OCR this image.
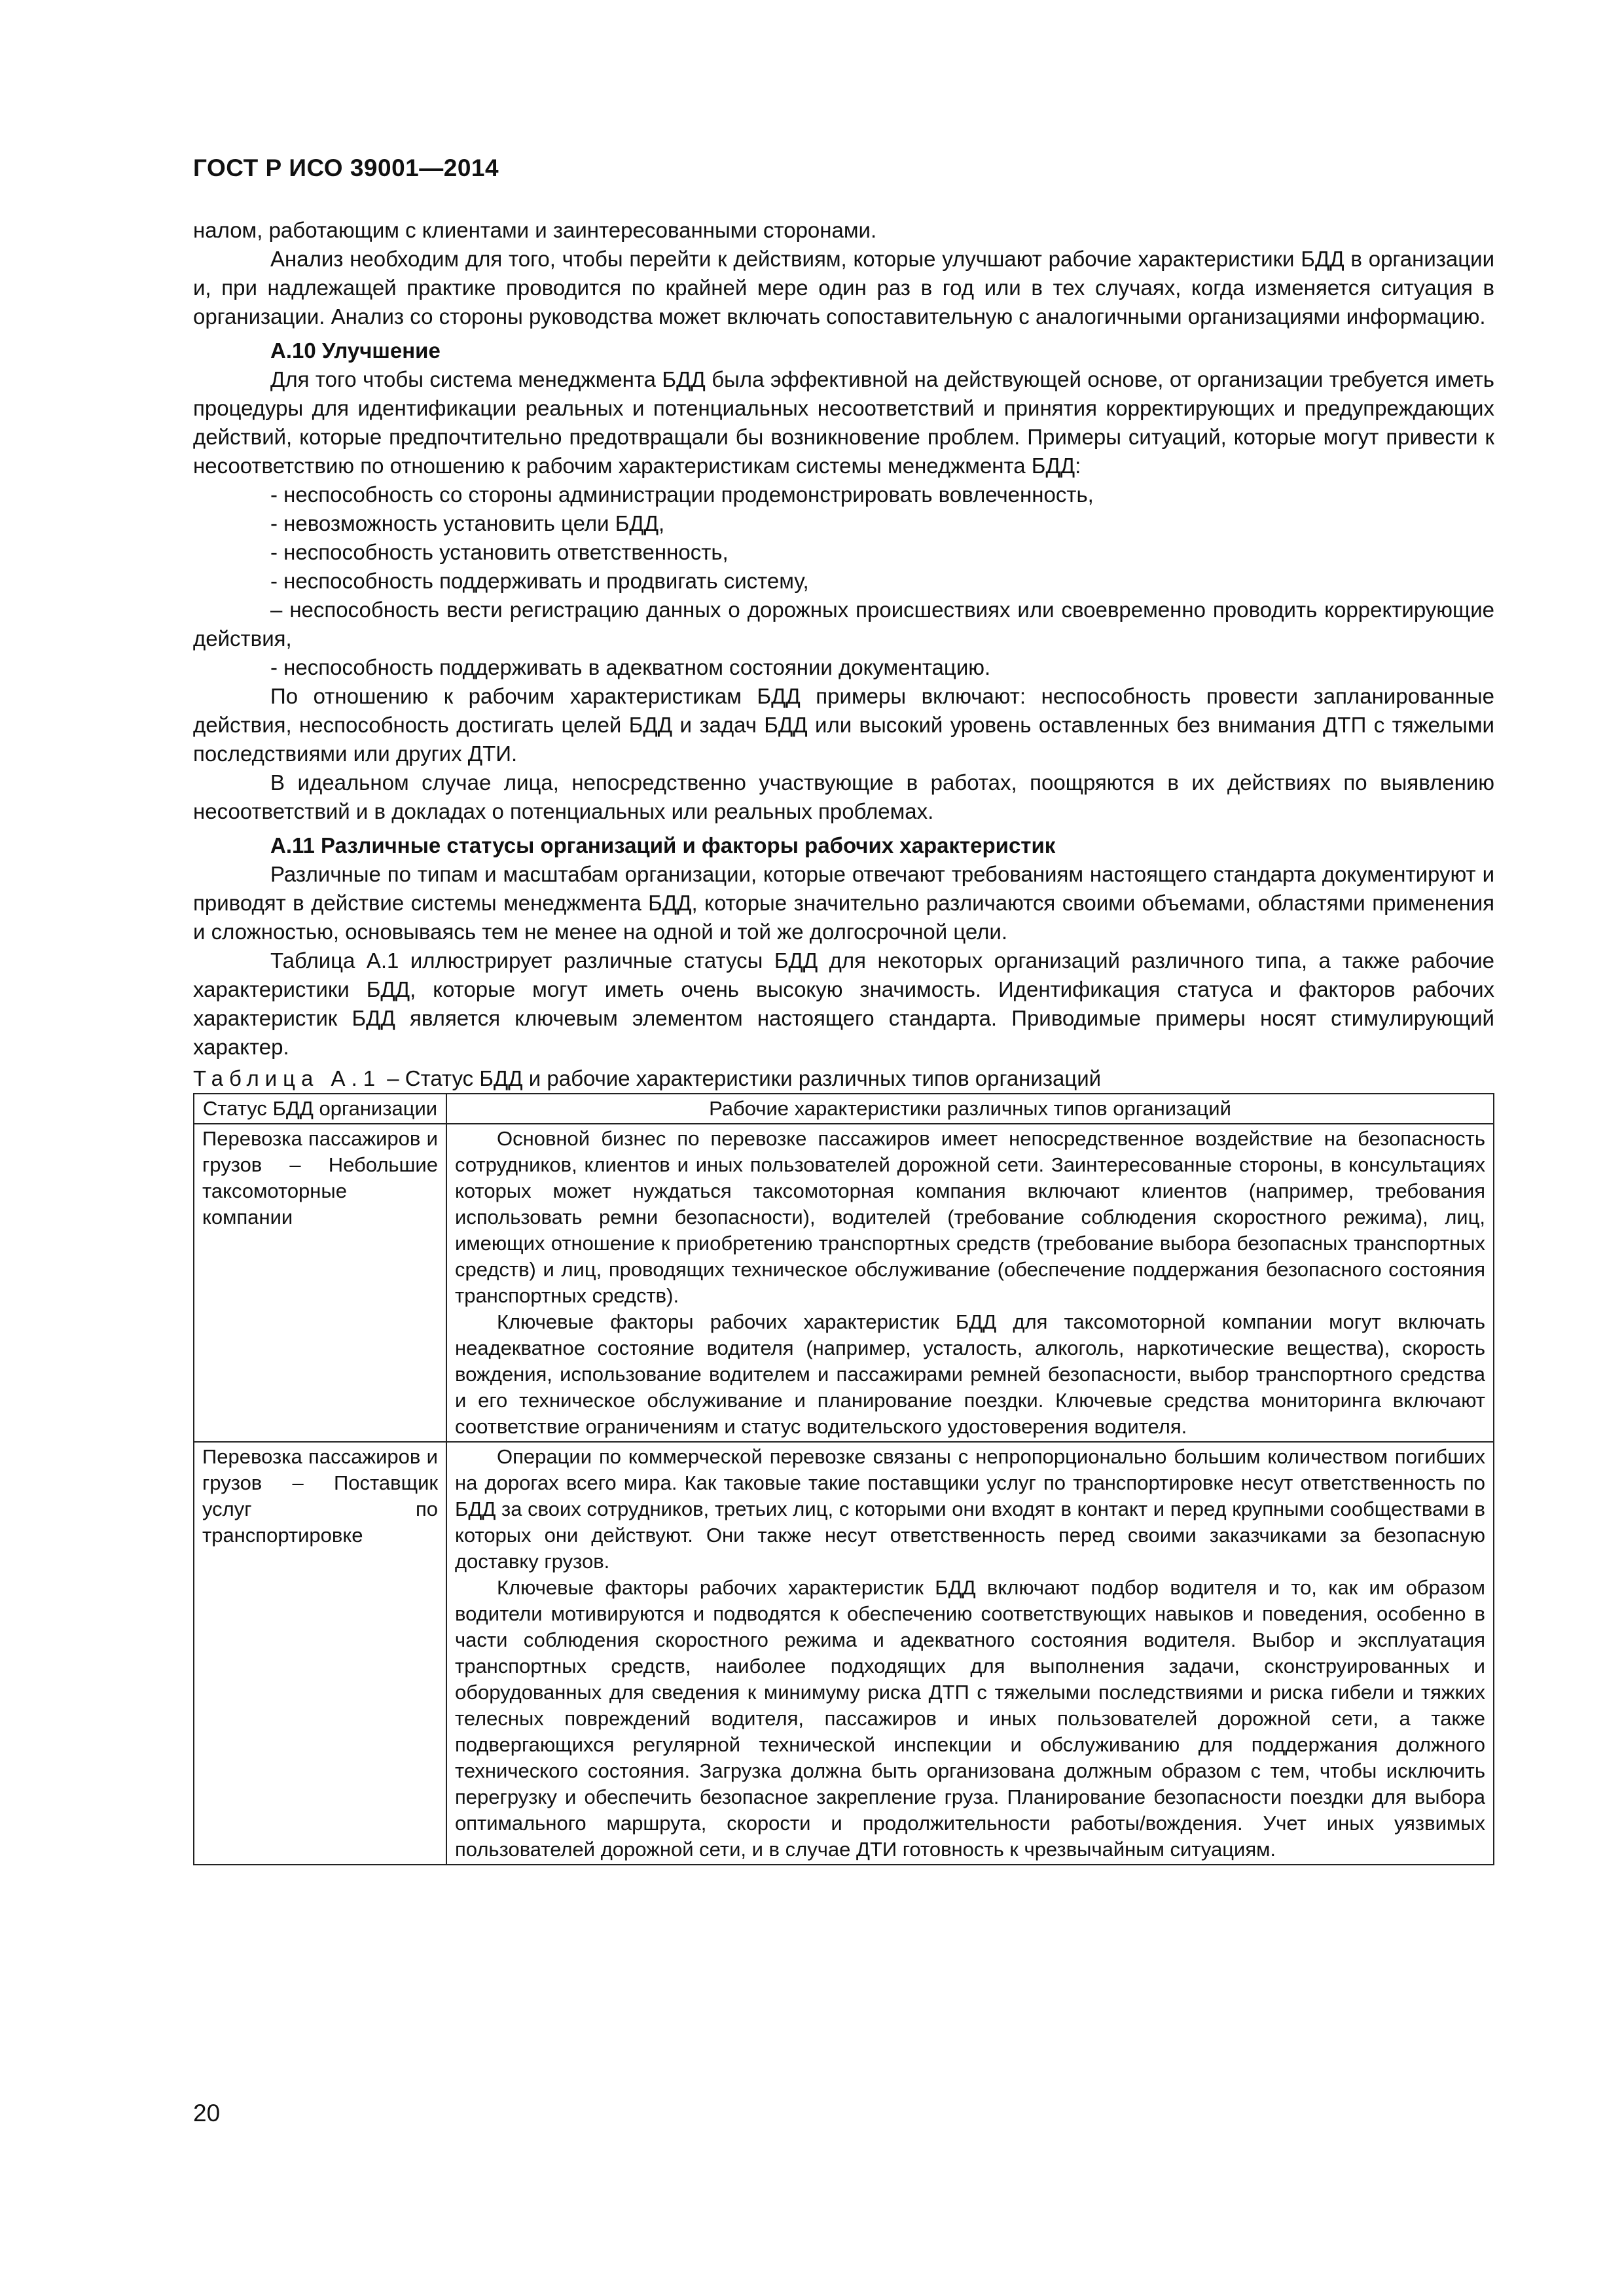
ГОСТ Р ИСО 39001—2014

налом, работающим с клиентами и заинтересованными сторонами.

Анализ необходим для того, чтобы перейти к действиям, которые улучшают рабочие характеристики БДД в организации и, при надлежащей практике проводится по крайней мере один раз в год или в тех случаях, когда изменяется ситуация в организации. Анализ со стороны руководства может включать сопоставительную с аналогичными организациями информацию.

А.10 Улучшение

Для того чтобы система менеджмента БДД была эффективной на действующей основе, от организации требуется иметь процедуры для идентификации реальных и потенциальных несоответствий и принятия корректирующих и предупреждающих действий, которые предпочтительно предотвращали бы возникновение проблем. Примеры ситуаций, которые могут привести к несоответствию по отношению к рабочим характеристикам системы менеджмента БДД:

- неспособность со стороны администрации продемонстрировать вовлеченность,

- невозможность установить цели БДД,

- неспособность установить ответственность,

- неспособность поддерживать и продвигать систему,

– неспособность вести регистрацию данных о дорожных происшествиях или своевременно проводить корректирующие действия,

- неспособность поддерживать в адекватном состоянии документацию.

По отношению к рабочим характеристикам БДД примеры включают: неспособность провести запланированные действия, неспособность достигать целей БДД и задач БДД или высокий уровень оставленных без внимания ДТП с тяжелыми последствиями или других ДТИ.

В идеальном случае лица, непосредственно участвующие в работах, поощряются в их действиях по выявлению несоответствий и в докладах о потенциальных или реальных проблемах.

А.11 Различные статусы организаций и факторы рабочих характеристик

Различные по типам и масштабам организации, которые отвечают требованиям настоящего стандарта документируют и приводят в действие системы менеджмента БДД, которые значительно различаются своими объемами, областями применения и сложностью, основываясь тем не менее на одной и той же долгосрочной цели.

Таблица А.1 иллюстрирует различные статусы БДД для некоторых организаций различного типа, а также рабочие характеристики БДД, которые могут иметь очень высокую значимость. Идентификация статуса и факторов рабочих характеристик БДД является ключевым элементом настоящего стандарта. Приводимые примеры носят стимулирующий характер.

Таблица А.1 – Статус БДД и рабочие характеристики различных типов организаций

Статус БДД организации	Рабочие характеристики различных типов организаций
Перевозка пассажиров и грузов – Небольшие таксомоторные компании	Основной бизнес по перевозке пассажиров имеет непосредственное воздействие на безопасность сотрудников, клиентов и иных пользователей дорожной сети. Заинтересованные стороны, в консультациях которых может нуждаться таксомоторная компания включают клиентов (например, требования использовать ремни безопасности), водителей (требование соблюдения скоростного режима), лиц, имеющих отношение к приобретению транспортных средств (требование выбора безопасных транспортных средств) и лиц, проводящих техническое обслуживание (обеспечение поддержания безопасного состояния транспортных средств).

Ключевые факторы рабочих характеристик БДД для таксомоторной компании могут включать неадекватное состояние водителя (например, усталость, алкоголь, наркотические вещества), скорость вождения, использование водителем и пассажирами ремней безопасности, выбор транспортного средства и его техническое обслуживание и планирование поездки. Ключевые средства мониторинга включают соответствие ограничениям и статус водительского удостоверения водителя.

Перевозка пассажиров и грузов – Поставщик услуг по транспортировке	Операции по коммерческой перевозке связаны с непропорционально большим количеством погибших на дорогах всего мира. Как таковые такие поставщики услуг по транспортировке несут ответственность по БДД за своих сотрудников, третьих лиц, с которыми они входят в контакт и перед крупными сообществами в которых они действуют. Они также несут ответственность перед своими заказчиками за безопасную доставку грузов.

Ключевые факторы рабочих характеристик БДД включают подбор водителя и то, как им образом водители мотивируются и подводятся к обеспечению соответствующих навыков и поведения, особенно в части соблюдения скоростного режима и адекватного состояния водителя. Выбор и эксплуатация транспортных средств, наиболее подходящих для выполнения задачи, сконструированных и оборудованных для сведения к минимуму риска ДТП с тяжелыми последствиями и риска гибели и тяжких телесных повреждений водителя, пассажиров и иных пользователей дорожной сети, а также подвергающихся регулярной технической инспекции и обслуживанию для поддержания должного технического состояния. Загрузка должна быть организована должным образом с тем, чтобы исключить перегрузку и обеспечить безопасное закрепление груза. Планирование безопасности поездки для выбора оптимального маршрута, скорости и продолжительности работы/вождения. Учет иных уязвимых пользователей дорожной сети, и в случае ДТИ готовность к чрезвычайным ситуациям.

20
